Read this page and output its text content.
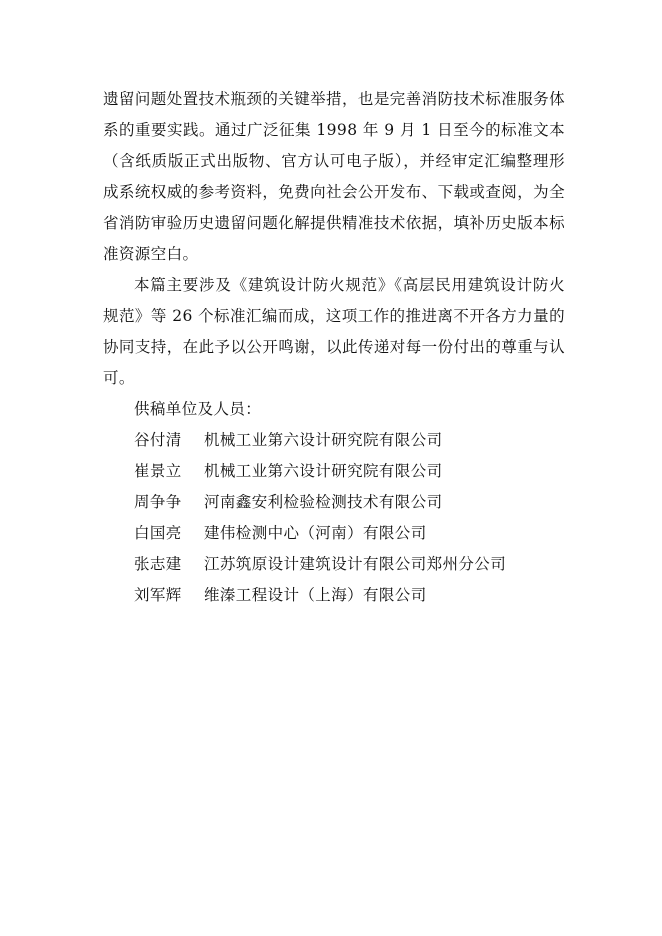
遗留问题处置技术瓶颈的关键举措，也是完善消防技术标准服务体系的重要实践。通过广泛征集 1998 年 9 月 1 日至今的标准文本（含纸质版正式出版物、官方认可电子版），并经审定汇编整理形成系统权威的参考资料，免费向社会公开发布、下载或查阅，为全省消防审验历史遗留问题化解提供精准技术依据，填补历史版本标准资源空白。

本篇主要涉及《建筑设计防火规范》《高层民用建筑设计防火规范》等 26 个标准汇编而成，这项工作的推进离不开各方力量的协同支持，在此予以公开鸣谢，以此传递对每一份付出的尊重与认可。

供稿单位及人员：

谷付清	机械工业第六设计研究院有限公司
崔景立	机械工业第六设计研究院有限公司
周争争	河南鑫安利检验检测技术有限公司
白国亮	建伟检测中心（河南）有限公司
张志建	江苏筑原设计建筑设计有限公司郑州分公司
刘军辉	维溱工程设计（上海）有限公司
